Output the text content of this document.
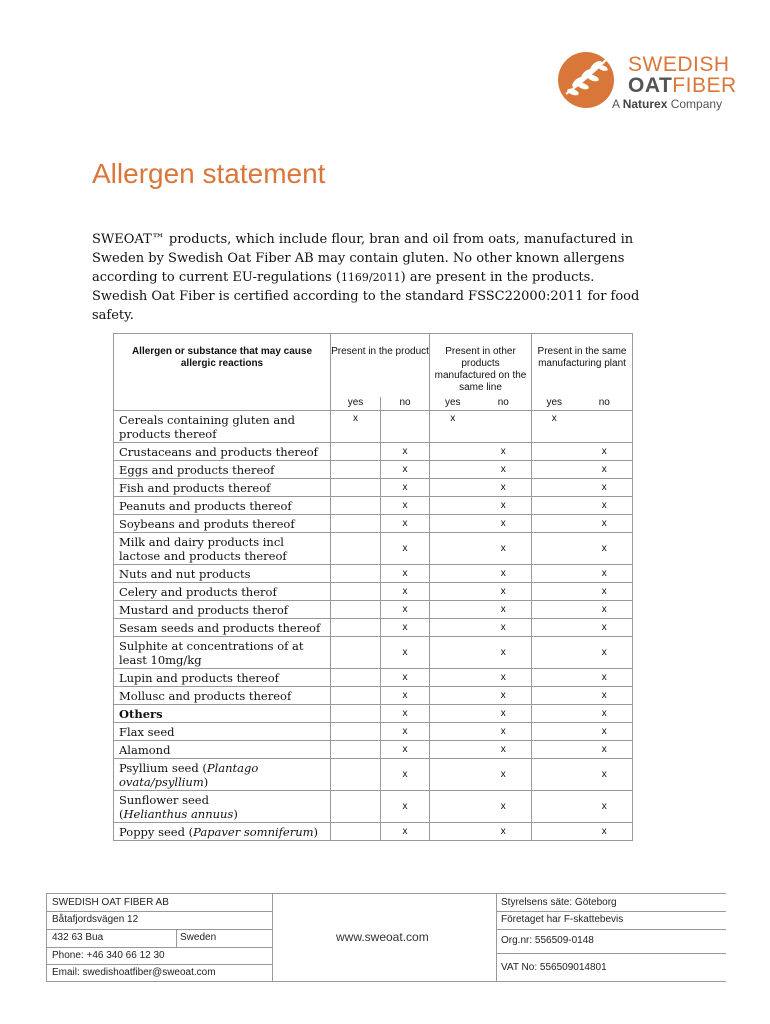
SWEDISH
OATFIBER
A Naturex Company
Allergen statement
SWEOAT™ products, which include flour, bran and oil from oats, manufactured in Sweden by Swedish Oat Fiber AB may contain gluten. No other known allergens according to current EU-regulations (1169/2011) are present in the products. Swedish Oat Fiber is certified according to the standard FSSC22000:2011 for food safety.
Allergen or substance that may cause allergic reactions	Present in the product		Present in other products manufactured on the same line		Present in the same manufacturing plant	
	yes	no	yes	no	yes	no
Cereals containing gluten and products thereof	x		x		x	
Crustaceans and products thereof		x		x		x
Eggs and products thereof		x		x		x
Fish and products thereof		x		x		x
Peanuts and products thereof		x		x		x
Soybeans and produts thereof		x		x		x
Milk and dairy products incl lactose and products thereof		x		x		x
Nuts and nut products		x		x		x
Celery and products therof		x		x		x
Mustard and products therof		x		x		x
Sesam seeds and products thereof		x		x		x
Sulphite at concentrations of at least 10mg/kg		x		x		x
Lupin and products thereof		x		x		x
Mollusc and products thereof		x		x		x
Others		x		x		x
Flax seed		x		x		x
Alamond		x		x		x
Psyllium seed (Plantago ovata/psyllium)		x		x		x
Sunflower seed
(Helianthus annuus)		x		x		x
Poppy seed (Papaver somniferum)		x		x		x
SWEDISH OAT FIBER AB
Båtafjordsvägen 12
432 63 Bua	Sweden
Phone: +46 340 66 12 30
Email: swedishoatfiber@sweoat.com
www.sweoat.com
Styrelsens säte: Göteborg
Företaget har F-skattebevis
Org.nr: 556509-0148
VAT No: 556509014801
